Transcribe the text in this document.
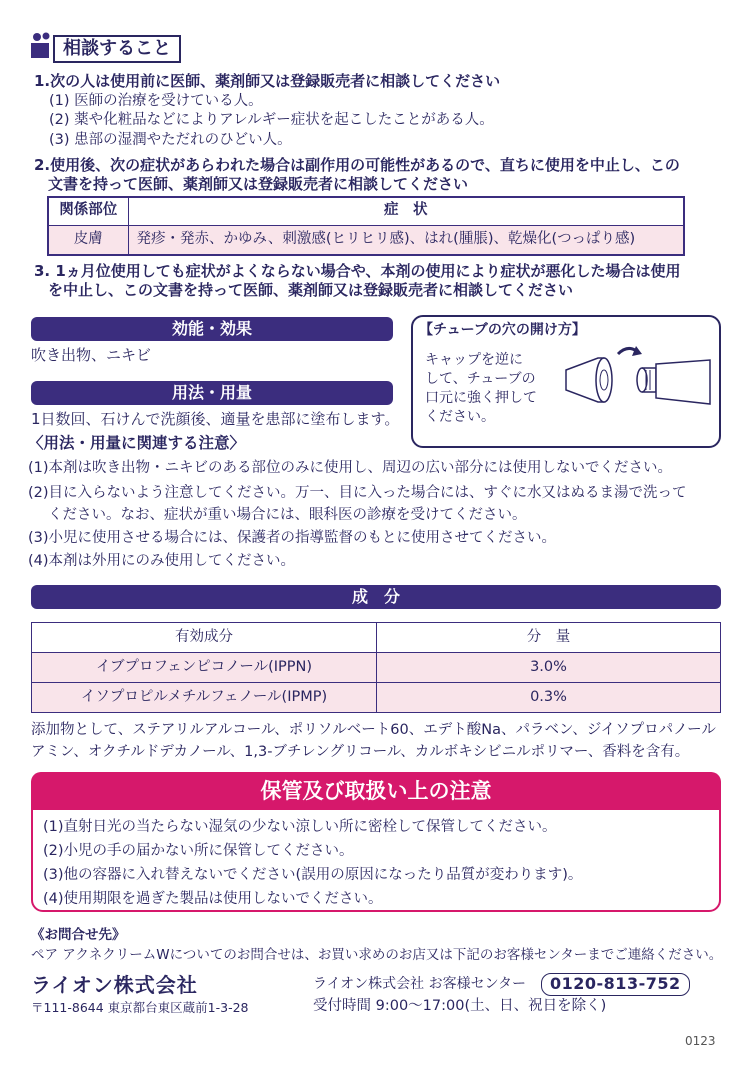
相談すること
1.次の人は使用前に医師、薬剤師又は登録販売者に相談してください
(1) 医師の治療を受けている人。
(2) 薬や化粧品などによりアレルギー症状を起こしたことがある人。
(3) 患部の湿潤やただれのひどい人。
2.使用後、次の症状があらわれた場合は副作用の可能性があるので、直ちに使用を中止し、この
文書を持って医師、薬剤師又は登録販売者に相談してください
関係部位	症　状
皮膚	発疹・発赤、かゆみ、刺激感(ヒリヒリ感)、はれ(腫脹)、乾燥化(つっぱり感)
3. 1ヵ月位使用しても症状がよくならない場合や、本剤の使用により症状が悪化した場合は使用
を中止し、この文書を持って医師、薬剤師又は登録販売者に相談してください
効能・効果
吹き出物、ニキビ
用法・用量
1日数回、石けんで洗顔後、適量を患部に塗布します。
〈用法・用量に関連する注意〉
(1)本剤は吹き出物・ニキビのある部位のみに使用し、周辺の広い部分には使用しないでください。
(2)目に入らないよう注意してください。万一、目に入った場合には、すぐに水又はぬるま湯で洗って
ください。なお、症状が重い場合には、眼科医の診療を受けてください。
(3)小児に使用させる場合には、保護者の指導監督のもとに使用させてください。
(4)本剤は外用にのみ使用してください。
【チューブの穴の開け方】
キャップを逆に
して、チューブの
口元に強く押して
ください。
成　分
有効成分	分　量
イブプロフェンピコノール(IPPN)	3.0%
イソプロピルメチルフェノール(IPMP)	0.3%
添加物として、ステアリルアルコール、ポリソルベート60、エデト酸Na、パラベン、ジイソプロパノール
アミン、オクチルドデカノール、1,3-ブチレングリコール、カルボキシビニルポリマー、香料を含有。
保管及び取扱い上の注意
(1)直射日光の当たらない湿気の少ない涼しい所に密栓して保管してください。
(2)小児の手の届かない所に保管してください。
(3)他の容器に入れ替えないでください(誤用の原因になったり品質が変わります)。
(4)使用期限を過ぎた製品は使用しないでください。
《お問合せ先》
ペア アクネクリームWについてのお問合せは、お買い求めのお店又は下記のお客様センターまでご連絡ください。
ライオン株式会社
〒111-8644 東京都台東区蔵前1-3-28
ライオン株式会社 お客様センター	0120-813-752
受付時間 9:00〜17:00(土、日、祝日を除く)
0123
